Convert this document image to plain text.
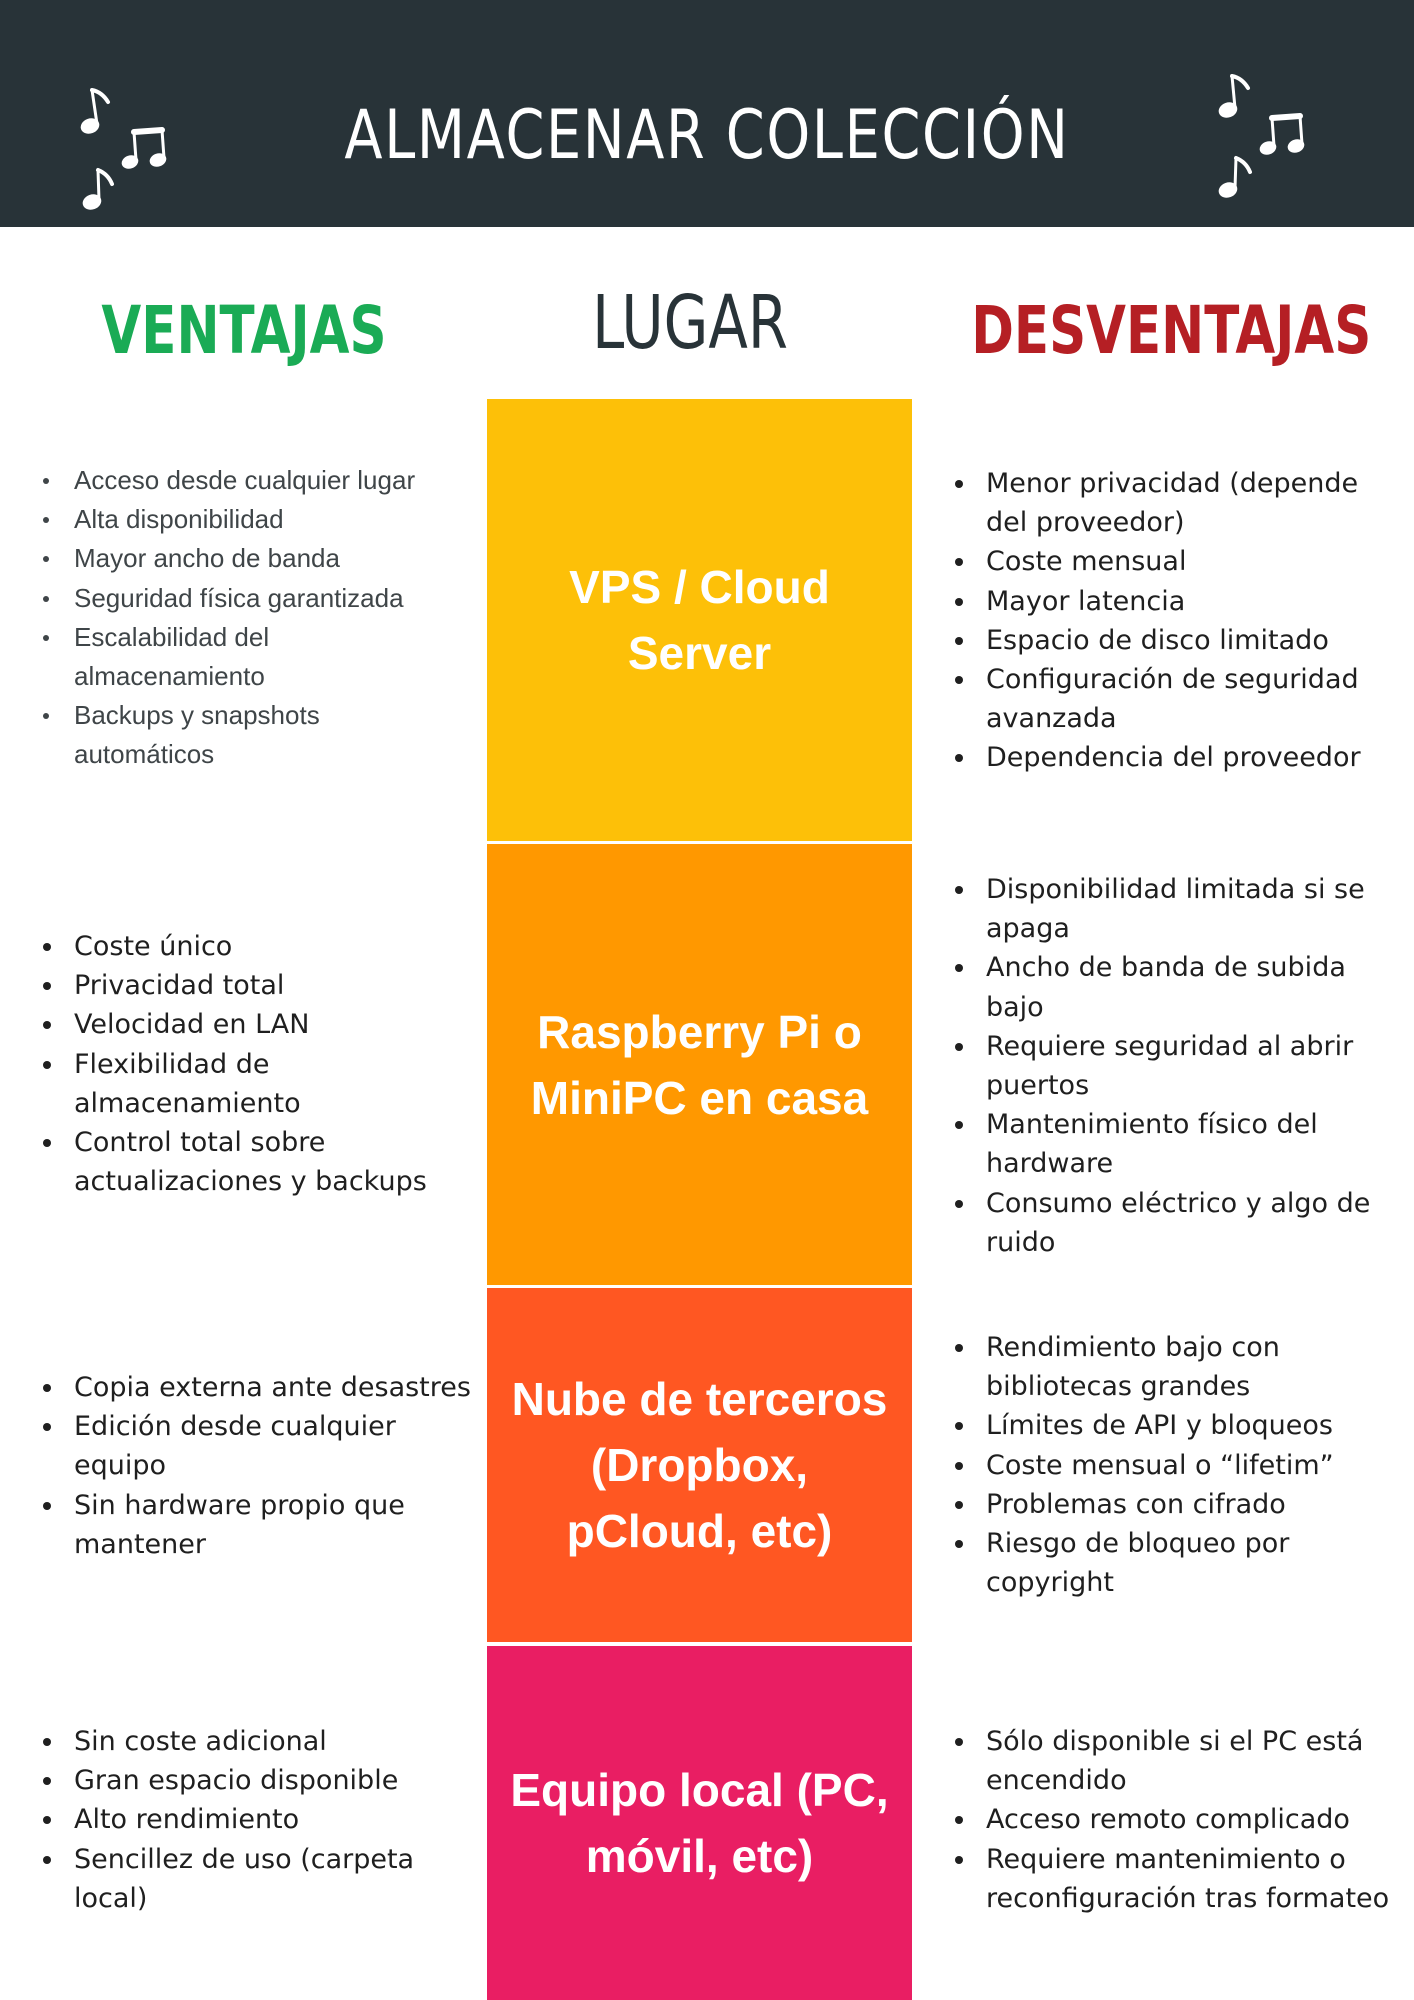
ALMACENAR COLECCIÓN
VENTAJAS	LUGAR	DESVENTAJAS
Acceso desde cualquier lugar
Alta disponibilidad
Mayor ancho de banda
Seguridad física garantizada
Escalabilidad del almacenamiento
Backups y snapshots automáticos
VPS / Cloud Server
Menor privacidad (depende del proveedor)
Coste mensual
Mayor latencia
Espacio de disco limitado
Configuración de seguridad avanzada
Dependencia del proveedor
Coste único
Privacidad total
Velocidad en LAN
Flexibilidad de almacenamiento
Control total sobre actualizaciones y backups
Raspberry Pi o MiniPC en casa
Disponibilidad limitada si se apaga
Ancho de banda de subida bajo
Requiere seguridad al abrir puertos
Mantenimiento físico del hardware
Consumo eléctrico y algo de ruido
Copia externa ante desastres
Edición desde cualquier equipo
Sin hardware propio que mantener
Nube de terceros (Dropbox, pCloud, etc)
Rendimiento bajo con bibliotecas grandes
Límites de API y bloqueos
Coste mensual o “lifetim”
Problemas con cifrado
Riesgo de bloqueo por copyright
Sin coste adicional
Gran espacio disponible
Alto rendimiento
Sencillez de uso (carpeta local)
Equipo local (PC, móvil, etc)
Sólo disponible si el PC está encendido
Acceso remoto complicado
Requiere mantenimiento o reconfiguración tras formateo
